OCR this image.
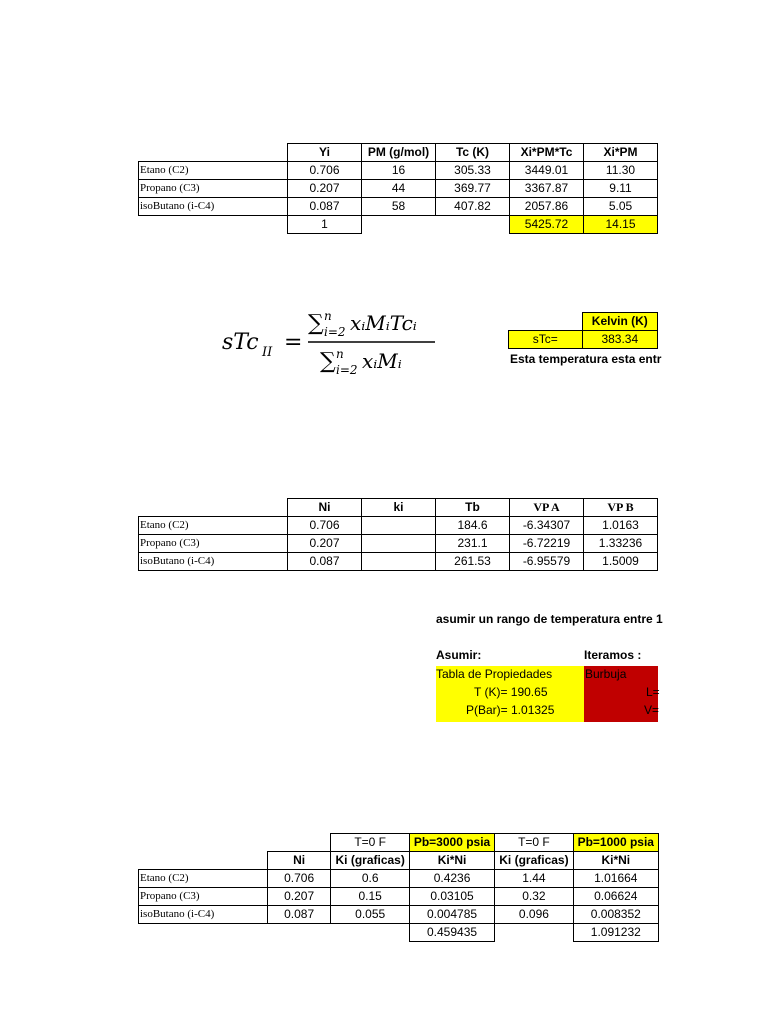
	Yi	PM (g/mol)	Tc (K)	Xi*PM*Tc	Xi*PM
Etano (C2)	0.706	16	305.33	3449.01	11.30
Propano (C3)	0.207	44	369.77	3367.87	9.11
isoButano (i-C4)	0.087	58	407.82	2057.86	5.05
	1			5425.72	14.15
sTc II =
∑ n
i=2 xᵢMᵢTcᵢ
∑ n
i=2 xᵢMᵢ
	Kelvin (K)
sTc=	383.34
Esta temperatura esta entr
	Ni	ki	Tb	VP A	VP B
Etano (C2)	0.706		184.6	-6.34307	1.0163
Propano (C3)	0.207		231.1	-6.72219	1.33236
isoButano (i-C4)	0.087		261.53	-6.95579	1.5009
asumir un rango de temperatura entre 1
Asumir:	Iteramos :
Tabla de Propiedades
T (K)= 190.65
P(Bar)= 1.01325
Burbuja
L=
V=
		T=0 F	Pb=3000 psia	T=0 F	Pb=1000 psia
	Ni	Ki (graficas)	Ki*Ni	Ki (graficas)	Ki*Ni
Etano (C2)	0.706	0.6	0.4236	1.44	1.01664
Propano (C3)	0.207	0.15	0.03105	0.32	0.06624
isoButano (i-C4)	0.087	0.055	0.004785	0.096	0.008352
			0.459435		1.091232
